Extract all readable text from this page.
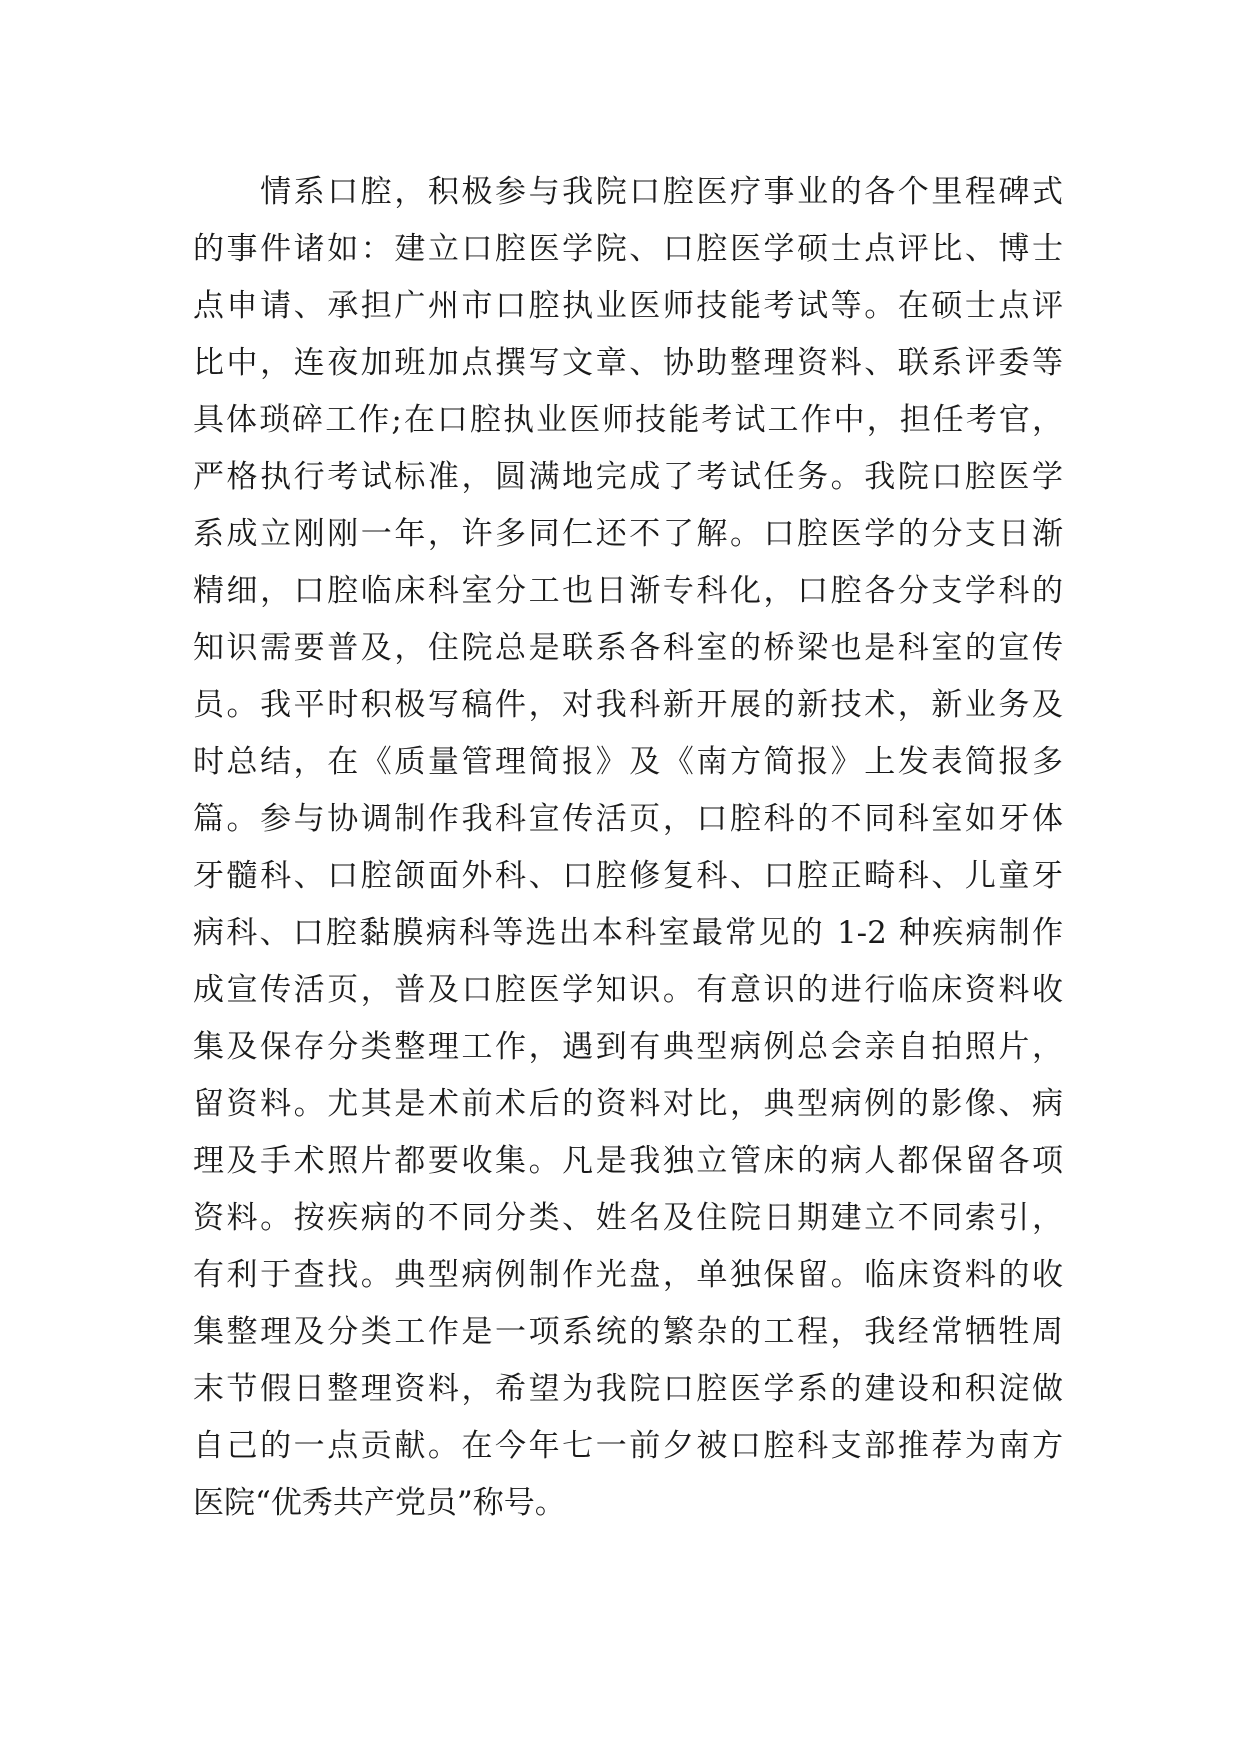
　　情系口腔，积极参与我院口腔医疗事业的各个里程碑式
的事件诸如：建立口腔医学院、口腔医学硕士点评比、博士
点申请、承担广州市口腔执业医师技能考试等。在硕士点评
比中，连夜加班加点撰写文章、协助整理资料、联系评委等
具体琐碎工作;在口腔执业医师技能考试工作中，担任考官，
严格执行考试标准，圆满地完成了考试任务。我院口腔医学
系成立刚刚一年，许多同仁还不了解。口腔医学的分支日渐
精细，口腔临床科室分工也日渐专科化，口腔各分支学科的
知识需要普及，住院总是联系各科室的桥梁也是科室的宣传
员。我平时积极写稿件，对我科新开展的新技术，新业务及
时总结，在《质量管理简报》及《南方简报》上发表简报多
篇。参与协调制作我科宣传活页，口腔科的不同科室如牙体
牙髓科、口腔颌面外科、口腔修复科、口腔正畸科、儿童牙
病科、口腔黏膜病科等选出本科室最常见的 1-2 种疾病制作
成宣传活页，普及口腔医学知识。有意识的进行临床资料收
集及保存分类整理工作，遇到有典型病例总会亲自拍照片，
留资料。尤其是术前术后的资料对比，典型病例的影像、病
理及手术照片都要收集。凡是我独立管床的病人都保留各项
资料。按疾病的不同分类、姓名及住院日期建立不同索引，
有利于查找。典型病例制作光盘，单独保留。临床资料的收
集整理及分类工作是一项系统的繁杂的工程，我经常牺牲周
末节假日整理资料，希望为我院口腔医学系的建设和积淀做
自己的一点贡献。在今年七一前夕被口腔科支部推荐为南方
医院“优秀共产党员”称号。
